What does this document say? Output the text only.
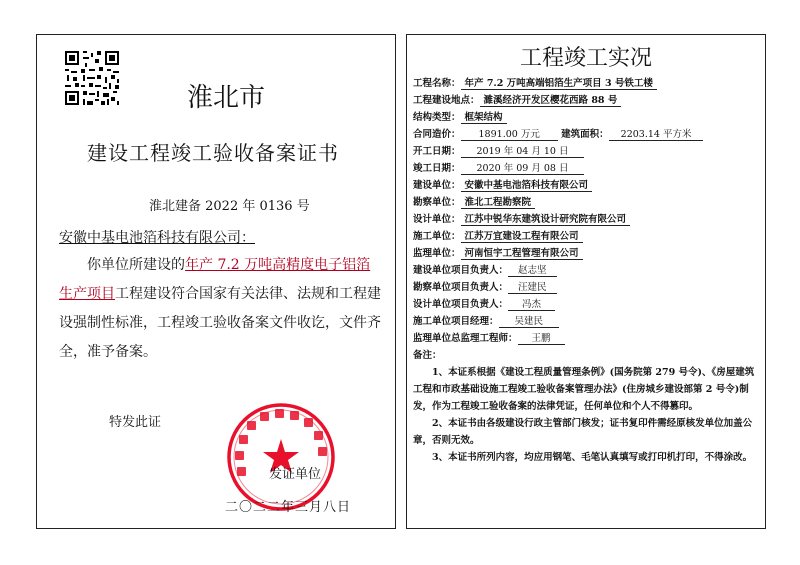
淮北市
建设工程竣工验收备案证书
淮北建备 2022 年 0136 号
安徽中基电池箔科技有限公司：
你单位所建设的年产 7.2 万吨高精度电子铝箔生产项目工程建设符合国家有关法律、法规和工程建设强制性标准，工程竣工验收备案文件收讫，文件齐全，准予备案。
特发此证
发证单位
二〇二二年三月八日
工程竣工实况
工程名称： 年产 7.2 万吨高端铝箔生产项目 3 号铁工楼
工程建设地点： 濉溪经济开发区樱花西路 88 号
结构类型： 框架结构
合同造价： 1891.00 万元 建筑面积： 2203.14 平方米
开工日期： 2019 年 04 月 10 日
竣工日期： 2020 年 09 月 08 日
建设单位： 安徽中基电池箔科技有限公司
勘察单位： 淮北工程勘察院
设计单位： 江苏中锐华东建筑设计研究院有限公司
施工单位： 江苏万宜建设工程有限公司
监理单位： 河南恒宇工程管理有限公司
建设单位项目负责人： 赵志坚
勘察单位项目负责人： 汪建民
设计单位项目负责人： 冯杰
施工单位项目经理： 吴建民
监理单位总监理工程师： 王鹏
备注：

1、本证系根据《建设工程质量管理条例》(国务院第 279 号令)、《房屋建筑工程和市政基础设施工程竣工验收备案管理办法》(住房城乡建设部第 2 号令)制发，作为工程竣工验收备案的法律凭证，任何单位和个人不得篡印。

2、本证书由各级建设行政主管部门核发；证书复印件需经原核发单位加盖公章，否则无效。

3、本证书所列内容，均应用钢笔、毛笔认真填写或打印机打印，不得涂改。
